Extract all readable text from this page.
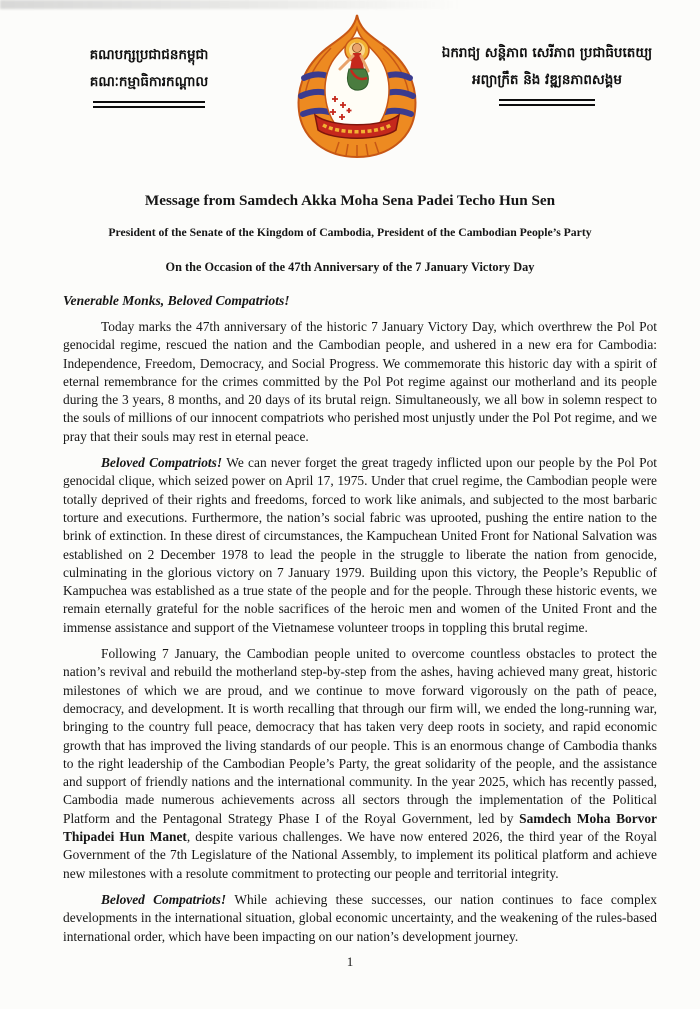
គណបក្សប្រជាជនកម្ពុជា
គណៈកម្មាធិការកណ្តាល
ឯករាជ្យ សន្តិភាព សេរីភាព ប្រជាធិបតេយ្យ
អព្យាក្រឹត និង វឌ្ឍនភាពសង្គម
Message from Samdech Akka Moha Sena Padei Techo Hun Sen
President of the Senate of the Kingdom of Cambodia, President of the Cambodian People’s Party
On the Occasion of the 47th Anniversary of the 7 January Victory Day

Venerable Monks, Beloved Compatriots!

Today marks the 47th anniversary of the historic 7 January Victory Day, which overthrew the Pol Pot genocidal regime, rescued the nation and the Cambodian people, and ushered in a new era for Cambodia: Independence, Freedom, Democracy, and Social Progress. We commemorate this historic day with a spirit of eternal remembrance for the crimes committed by the Pol Pot regime against our motherland and its people during the 3 years, 8 months, and 20 days of its brutal reign. Simultaneously, we all bow in solemn respect to the souls of millions of our innocent compatriots who perished most unjustly under the Pol Pot regime, and we pray that their souls may rest in eternal peace.

Beloved Compatriots! We can never forget the great tragedy inflicted upon our people by the Pol Pot genocidal clique, which seized power on April 17, 1975. Under that cruel regime, the Cambodian people were totally deprived of their rights and freedoms, forced to work like animals, and subjected to the most barbaric torture and executions. Furthermore, the nation’s social fabric was uprooted, pushing the entire nation to the brink of extinction. In these direst of circumstances, the Kampuchean United Front for National Salvation was established on 2 December 1978 to lead the people in the struggle to liberate the nation from genocide, culminating in the glorious victory on 7 January 1979. Building upon this victory, the People’s Republic of Kampuchea was established as a true state of the people and for the people. Through these historic events, we remain eternally grateful for the noble sacrifices of the heroic men and women of the United Front and the immense assistance and support of the Vietnamese volunteer troops in toppling this brutal regime.

Following 7 January, the Cambodian people united to overcome countless obstacles to protect the nation’s revival and rebuild the motherland step-by-step from the ashes, having achieved many great, historic milestones of which we are proud, and we continue to move forward vigorously on the path of peace, democracy, and development. It is worth recalling that through our firm will, we ended the long-running war, bringing to the country full peace, democracy that has taken very deep roots in society, and rapid economic growth that has improved the living standards of our people. This is an enormous change of Cambodia thanks to the right leadership of the Cambodian People’s Party, the great solidarity of the people, and the assistance and support of friendly nations and the international community. In the year 2025, which has recently passed, Cambodia made numerous achievements across all sectors through the implementation of the Political Platform and the Pentagonal Strategy Phase I of the Royal Government, led by Samdech Moha Borvor Thipadei Hun Manet, despite various challenges. We have now entered 2026, the third year of the Royal Government of the 7th Legislature of the National Assembly, to implement its political platform and achieve new milestones with a resolute commitment to protecting our people and territorial integrity.

Beloved Compatriots! While achieving these successes, our nation continues to face complex developments in the international situation, global economic uncertainty, and the weakening of the rules-based international order, which have been impacting on our nation’s development journey.

1
